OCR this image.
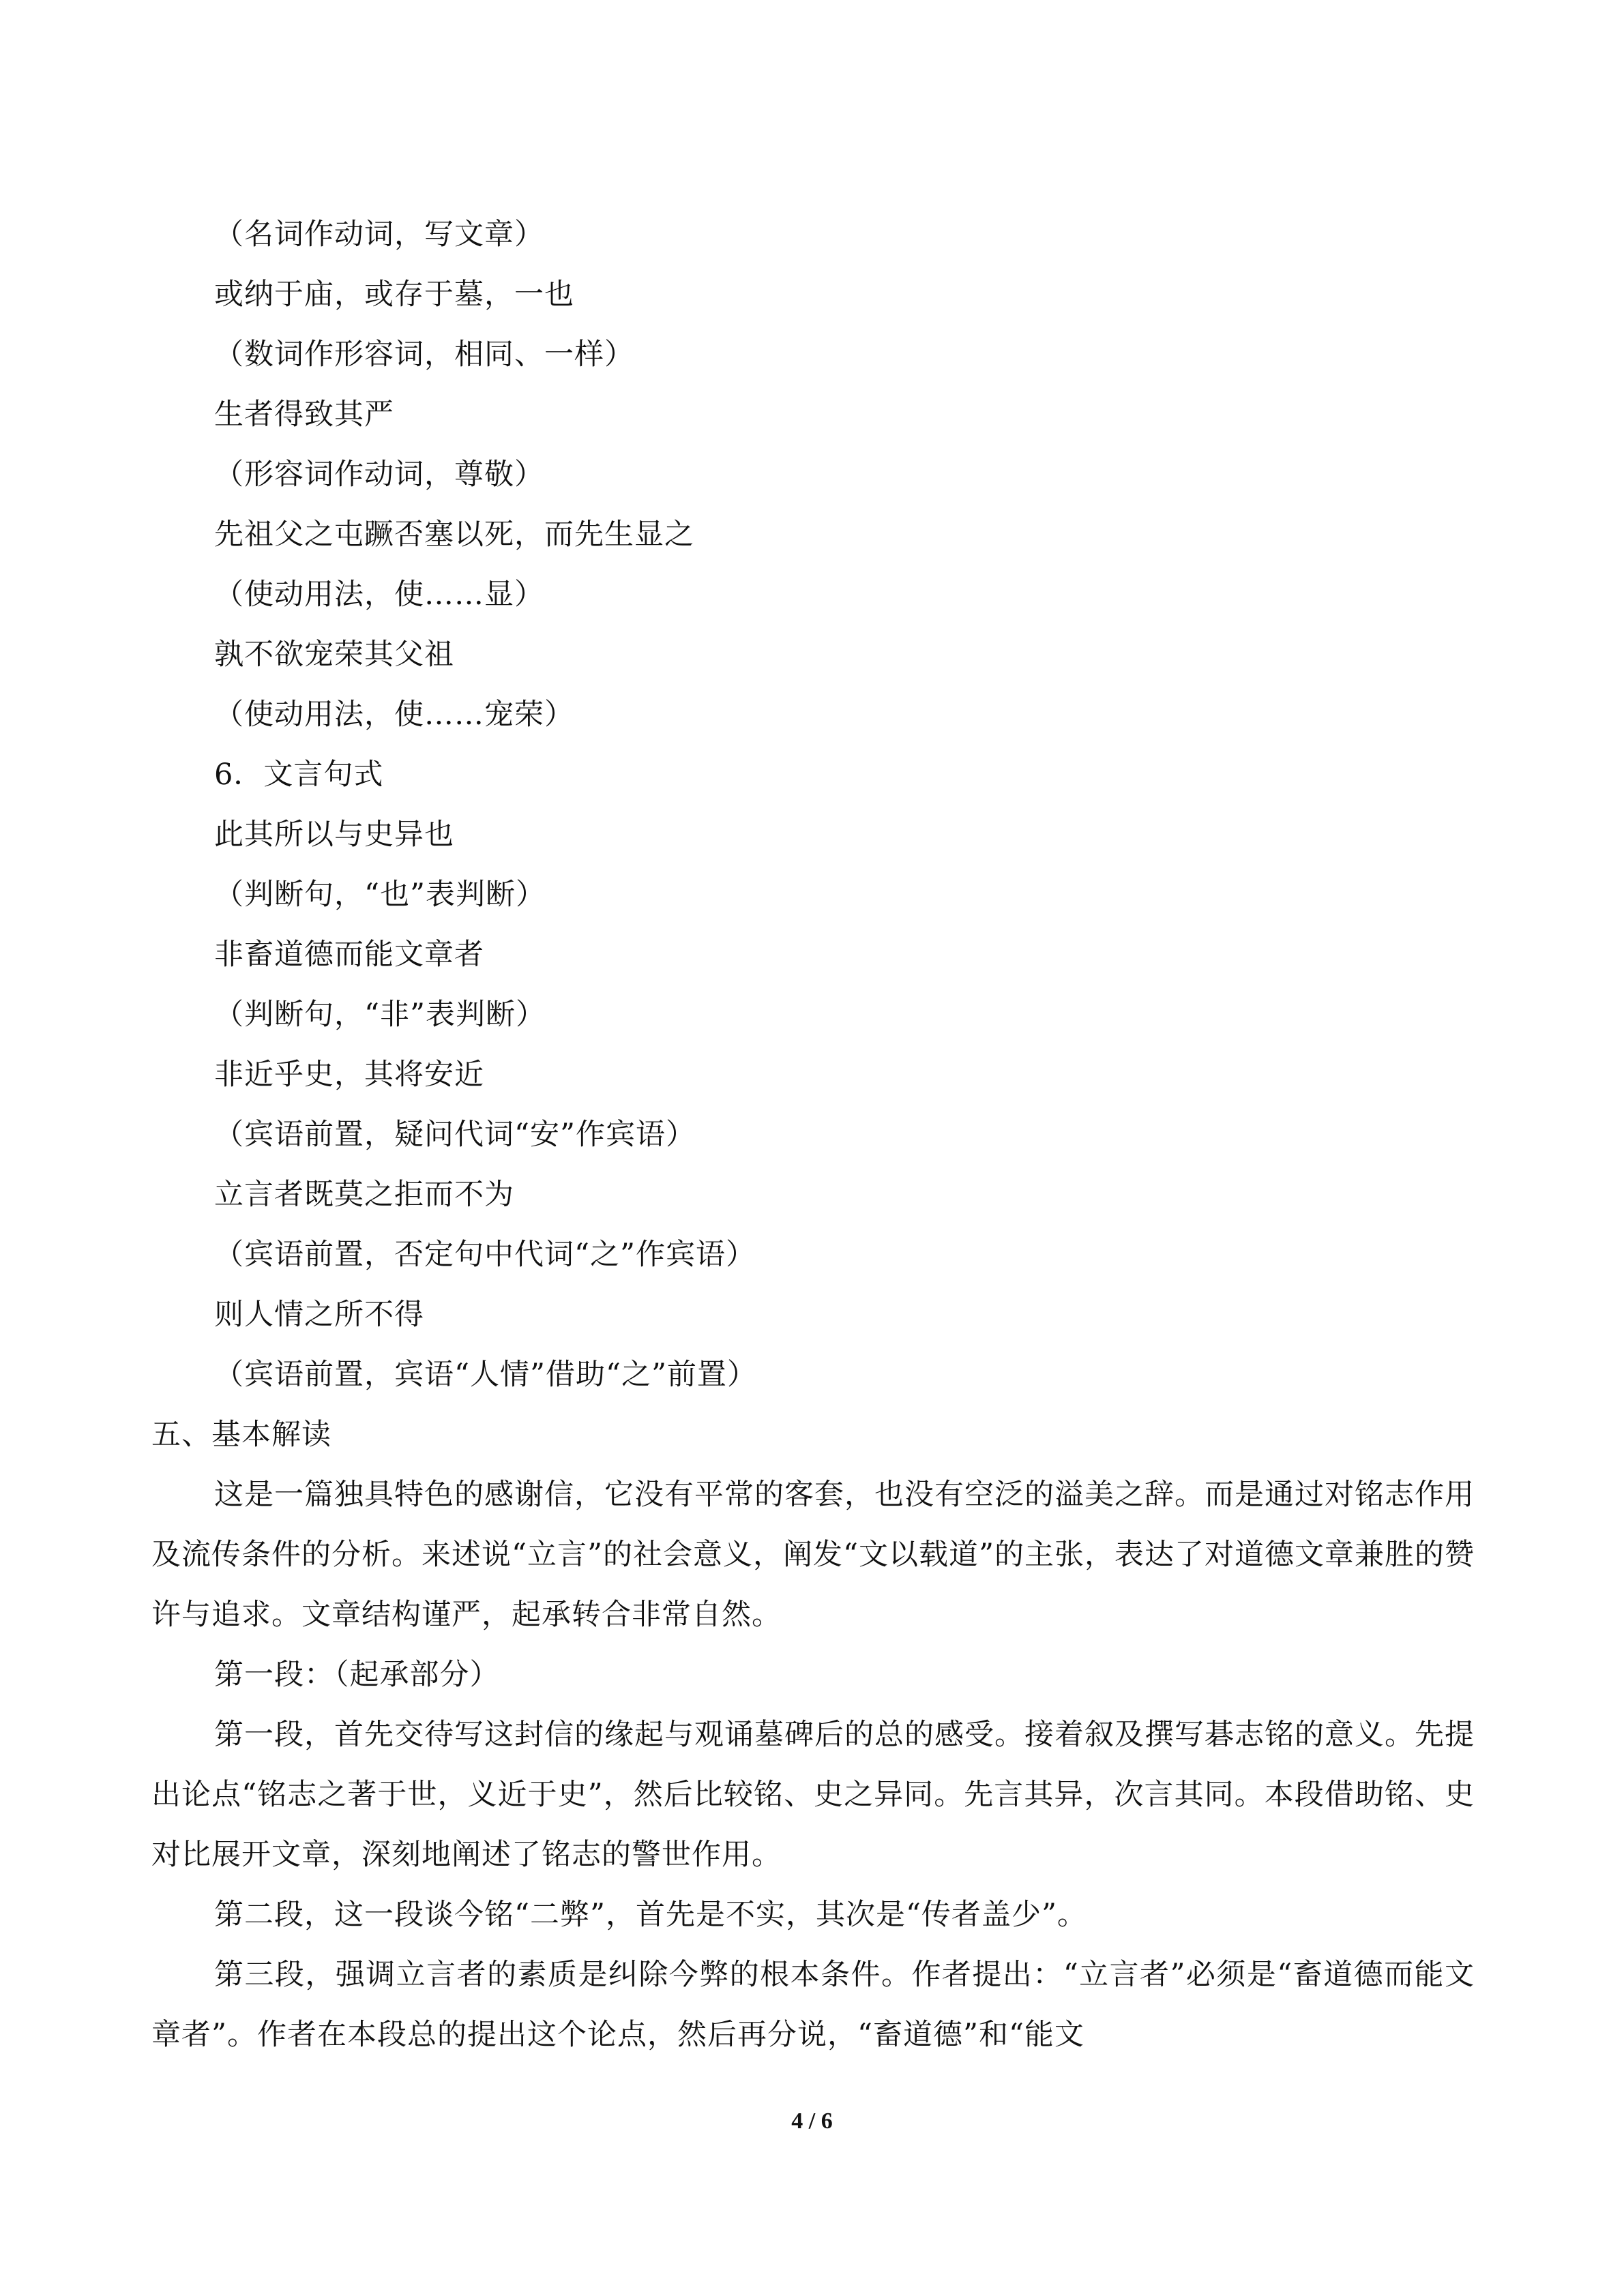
（名词作动词，写文章）
或纳于庙，或存于墓，一也
（数词作形容词，相同、一样）
生者得致其严
（形容词作动词，尊敬）
先祖父之屯蹶否塞以死，而先生显之
（使动用法，使……显）
孰不欲宠荣其父祖
（使动用法，使……宠荣）
6．文言句式
此其所以与史异也
（判断句，“也”表判断）
非畜道德而能文章者
（判断句，“非”表判断）
非近乎史，其将安近
（宾语前置，疑问代词“安”作宾语）
立言者既莫之拒而不为
（宾语前置，否定句中代词“之”作宾语）
则人情之所不得
（宾语前置，宾语“人情”借助“之”前置）
五、基本解读

这是一篇独具特色的感谢信，它没有平常的客套，也没有空泛的溢美之辞。而是通过对铭志作用及流传条件的分析。来述说“立言”的社会意义，阐发“文以载道”的主张，表达了对道德文章兼胜的赞许与追求。文章结构谨严，起承转合非常自然。

第一段：（起承部分）

第一段，首先交待写这封信的缘起与观诵墓碑后的总的感受。接着叙及撰写碁志铭的意义。先提出论点“铭志之著于世，义近于史”，然后比较铭、史之异同。先言其异，次言其同。本段借助铭、史对比展开文章，深刻地阐述了铭志的警世作用。

第二段，这一段谈今铭“二弊”，首先是不实，其次是“传者盖少”。

第三段，强调立言者的素质是纠除今弊的根本条件。作者提出：“立言者”必须是“畜道德而能文章者”。作者在本段总的提出这个论点，然后再分说，“畜道德”和“能文

4 / 6
